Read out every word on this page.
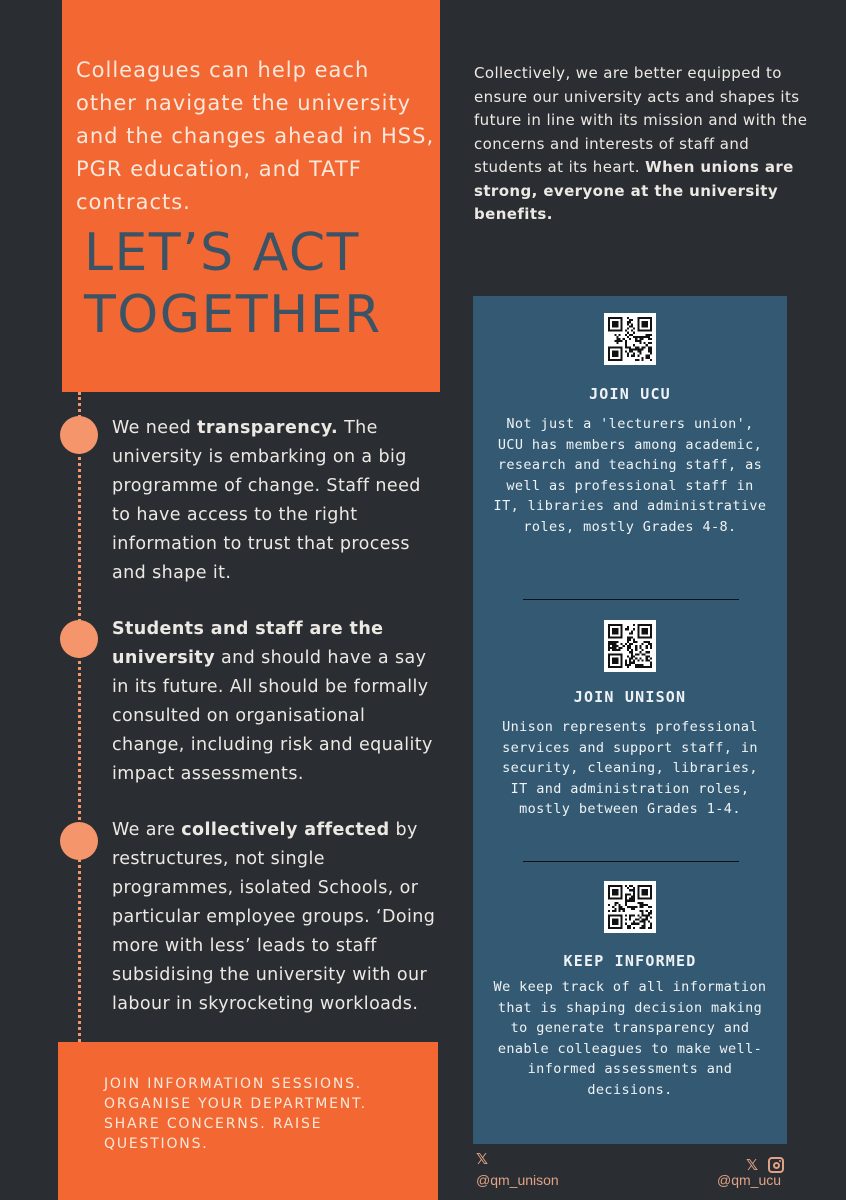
Colleagues can help each other navigate the university and the changes ahead in HSS, PGR education, and TATF contracts.
LET’S ACT
TOGETHER
Collectively, we are better equipped to ensure our university acts and shapes its future in line with its mission and with the concerns and interests of staff and students at its heart. When unions are strong, everyone at the university benefits.
We need transparency. The university is embarking on a big programme of change. Staff need to have access to the right information to trust that process and shape it.
Students and staff are the university and should have a say in its future. All should be formally consulted on organisational change, including risk and equality impact assessments.
We are collectively affected by restructures, not single programmes, isolated Schools, or particular employee groups. ‘Doing more with less’ leads to staff subsidising the university with our labour in skyrocketing workloads.
JOIN INFORMATION SESSIONS. ORGANISE YOUR DEPARTMENT. SHARE CONCERNS. RAISE QUESTIONS.
JOIN UCU
Not just a 'lecturers union', UCU has members among academic, research and teaching staff, as well as professional staff in IT, libraries and administrative roles, mostly Grades 4-8.
JOIN UNISON
Unison represents professional services and support staff, in security, cleaning, libraries, IT and administration roles, mostly between Grades 1-4.
KEEP INFORMED
We keep track of all information that is shaping decision making to generate transparency and enable colleagues to make well-informed assessments and decisions.
𝕏
@qm_unison
𝕏
@qm_ucu
